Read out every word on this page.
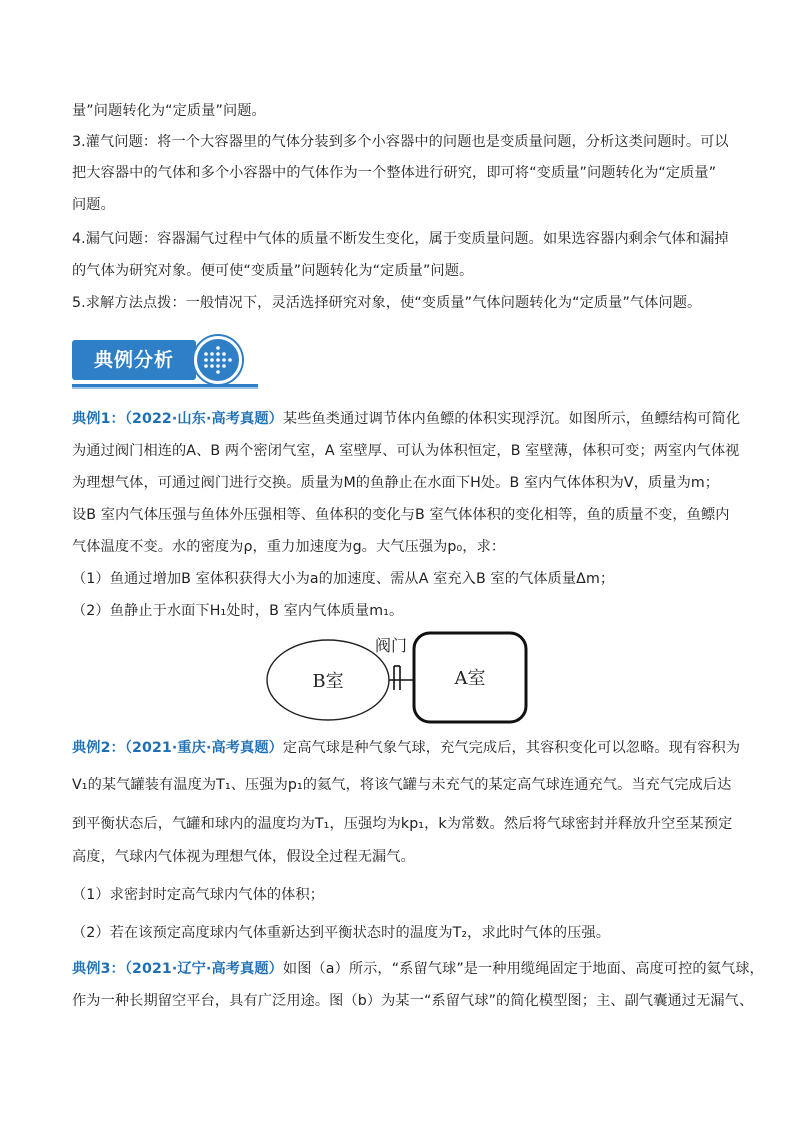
量”问题转化为“定质量”问题。
3.灌气问题：将一个大容器里的气体分装到多个小容器中的问题也是变质量问题，分析这类问题时。可以
把大容器中的气体和多个小容器中的气体作为一个整体进行研究，即可将“变质量”问题转化为“定质量”
问题。
4.漏气问题：容器漏气过程中气体的质量不断发生变化，属于变质量问题。如果选容器内剩余气体和漏掉
的气体为研究对象。便可使“变质量”问题转化为“定质量”问题。
5.求解方法点拨：一般情况下，灵活选择研究对象，使“变质量”气体问题转化为“定质量”气体问题。
典例分析
典例1：（2022·山东·高考真题）某些鱼类通过调节体内鱼鳔的体积实现浮沉。如图所示，鱼鳔结构可简化
为通过阀门相连的A、B 两个密闭气室，A 室壁厚、可认为体积恒定，B 室壁薄，体积可变；两室内气体视
为理想气体，可通过阀门进行交换。质量为M的鱼静止在水面下H处。B 室内气体体积为V，质量为m；
设B 室内气体压强与鱼体外压强相等、鱼体积的变化与B 室气体体积的变化相等，鱼的质量不变，鱼鳔内
气体温度不变。水的密度为ρ，重力加速度为g。大气压强为p₀，求：
（1）鱼通过增加B 室体积获得大小为a的加速度、需从A 室充入B 室的气体质量Δm；
（2）鱼静止于水面下H₁处时，B 室内气体质量m₁。
B室	A室
阀门
典例2：（2021·重庆·高考真题）定高气球是种气象气球，充气完成后，其容积变化可以忽略。现有容积为
V₁的某气罐装有温度为T₁、压强为p₁的氦气，将该气罐与未充气的某定高气球连通充气。当充气完成后达
到平衡状态后，气罐和球内的温度均为T₁，压强均为kp₁，k为常数。然后将气球密封并释放升空至某预定
高度，气球内气体视为理想气体，假设全过程无漏气。
（1）求密封时定高气球内气体的体积；
（2）若在该预定高度球内气体重新达到平衡状态时的温度为T₂，求此时气体的压强。
典例3：（2021·辽宁·高考真题）如图（a）所示，“系留气球”是一种用缆绳固定于地面、高度可控的氦气球，
作为一种长期留空平台，具有广泛用途。图（b）为某一“系留气球”的简化模型图；主、副气囊通过无漏气、
